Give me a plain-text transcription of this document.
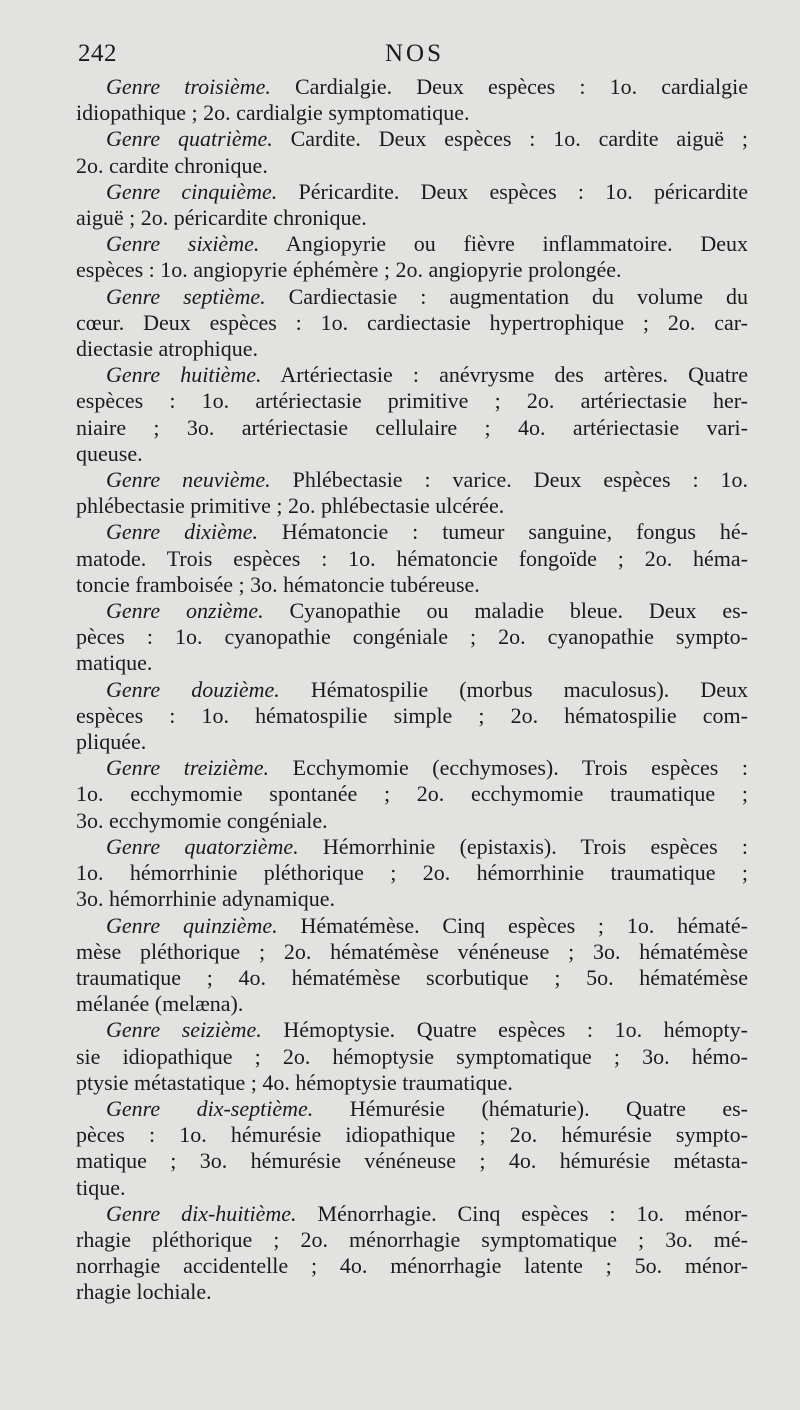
242	NOS
Genre troisième. Cardialgie. Deux espèces : 1o. cardialgie
idiopathique ; 2o. cardialgie symptomatique.
Genre quatrième. Cardite. Deux espèces : 1o. cardite aiguë ;
2o. cardite chronique.
Genre cinquième. Péricardite. Deux espèces : 1o. péricardite
aiguë ; 2o. péricardite chronique.
Genre sixième. Angiopyrie ou fièvre inflammatoire. Deux
espèces : 1o. angiopyrie éphémère ; 2o. angiopyrie prolongée.
Genre septième. Cardiectasie : augmentation du volume du
cœur. Deux espèces : 1o. cardiectasie hypertrophique ; 2o. car-
diectasie atrophique.
Genre huitième. Artériectasie : anévrysme des artères. Quatre
espèces : 1o. artériectasie primitive ; 2o. artériectasie her-
niaire ; 3o. artériectasie cellulaire ; 4o. artériectasie vari-
queuse.
Genre neuvième. Phlébectasie : varice. Deux espèces : 1o.
phlébectasie primitive ; 2o. phlébectasie ulcérée.
Genre dixième. Hématoncie : tumeur sanguine, fongus hé-
matode. Trois espèces : 1o. hématoncie fongoïde ; 2o. héma-
toncie framboisée ; 3o. hématoncie tubéreuse.
Genre onzième. Cyanopathie ou maladie bleue. Deux es-
pèces : 1o. cyanopathie congéniale ; 2o. cyanopathie sympto-
matique.
Genre douzième. Hématospilie (morbus maculosus). Deux
espèces : 1o. hématospilie simple ; 2o. hématospilie com-
pliquée.
Genre treizième. Ecchymomie (ecchymoses). Trois espèces :
1o. ecchymomie spontanée ; 2o. ecchymomie traumatique ;
3o. ecchymomie congéniale.
Genre quatorzième. Hémorrhinie (epistaxis). Trois espèces :
1o. hémorrhinie pléthorique ; 2o. hémorrhinie traumatique ;
3o. hémorrhinie adynamique.
Genre quinzième. Hématémèse. Cinq espèces ; 1o. hématé-
mèse pléthorique ; 2o. hématémèse vénéneuse ; 3o. hématémèse
traumatique ; 4o. hématémèse scorbutique ; 5o. hématémèse
mélanée (melæna).
Genre seizième. Hémoptysie. Quatre espèces : 1o. hémopty-
sie idiopathique ; 2o. hémoptysie symptomatique ; 3o. hémo-
ptysie métastatique ; 4o. hémoptysie traumatique.
Genre dix-septième. Hémurésie (hématurie). Quatre es-
pèces : 1o. hémurésie idiopathique ; 2o. hémurésie sympto-
matique ; 3o. hémurésie vénéneuse ; 4o. hémurésie métasta-
tique.
Genre dix-huitième. Ménorrhagie. Cinq espèces : 1o. ménor-
rhagie pléthorique ; 2o. ménorrhagie symptomatique ; 3o. mé-
norrhagie accidentelle ; 4o. ménorrhagie latente ; 5o. ménor-
rhagie lochiale.
